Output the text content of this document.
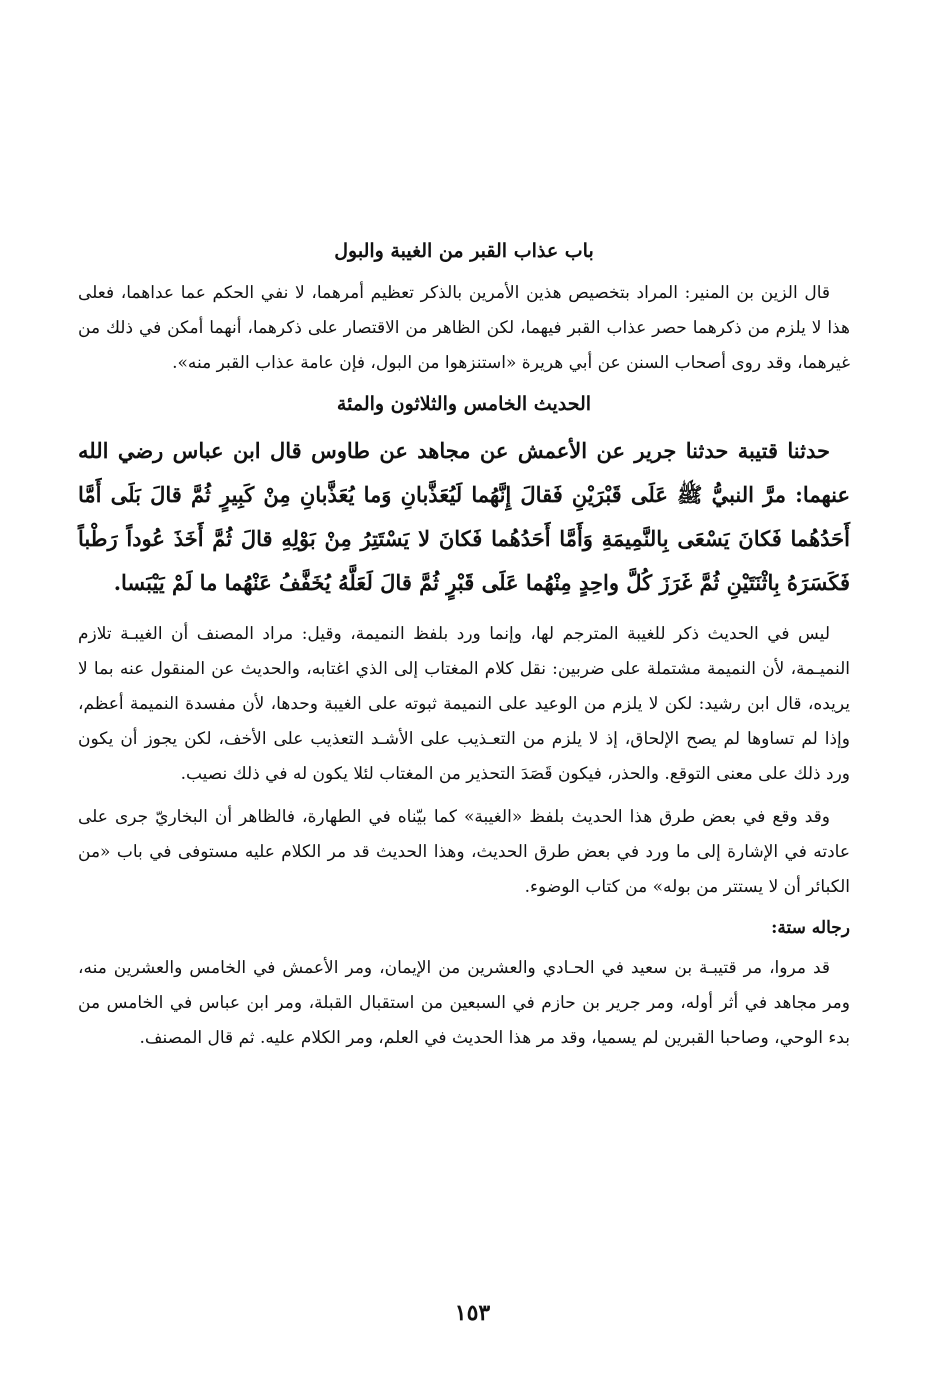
باب عذاب القبر من الغيبة والبول

قال الزين بن المنير: المراد بتخصيص هذين الأمرين بالذكر تعظيم أمرهما، لا نفي الحكم عما عداهما، فعلى هذا لا يلزم من ذكرهما حصر عذاب القبر فيهما، لكن الظاهر من الاقتصار على ذكرهما، أنهما أمكن في ذلك من غيرهما، وقد روى أصحاب السنن عن أبي هريرة «استنزهوا من البول، فإن عامة عذاب القبر منه».

الحديث الخامس والثلاثون والمئة

حدثنا قتيبة حدثنا جرير عن الأعمش عن مجاهد عن طاوس قال ابن عباس رضي الله عنهما: مرَّ النبيُّ ﷺ عَلَى قَبْرَيْنِ فَقالَ إِنَّهُما لَيُعَذَّبانِ وَما يُعَذَّبانِ مِنْ كَبِيرٍ ثُمَّ قالَ بَلَى أَمَّا أَحَدُهُما فَكانَ يَسْعَى بِالنَّمِيمَةِ وَأَمَّا أَحَدُهُما فَكانَ لا يَسْتَتِرُ مِنْ بَوْلِهِ قالَ ثُمَّ أَخَذَ عُوداً رَطْباً فَكَسَرَهُ بِاثْنَتَيْنِ ثُمَّ غَرَزَ كُلَّ واحِدٍ مِنْهُما عَلَى قَبْرٍ ثُمَّ قالَ لَعَلَّهُ يُخَفَّفُ عَنْهُما ما لَمْ يَيْبَسا.

ليس في الحديث ذكر للغيبة المترجم لها، وإنما ورد بلفظ النميمة، وقيل: مراد المصنف أن الغيبـة تلازم النميـمة، لأن النميمة مشتملة على ضربين: نقل كلام المغتاب إلى الذي اغتابه، والحديث عن المنقول عنه بما لا يريده، قال ابن رشيد: لكن لا يلزم من الوعيد على النميمة ثبوته على الغيبة وحدها، لأن مفسدة النميمة أعظم، وإذا لم تساوها لم يصح الإلحاق، إذ لا يلزم من التعـذيب على الأشـد التعذيب على الأخف، لكن يجوز أن يكون ورد ذلك على معنى التوقع. والحذر، فيكون قَصَدَ التحذير من المغتاب لئلا يكون له في ذلك نصيب.

وقد وقع في بعض طرق هذا الحديث بلفظ «الغيبة» كما بيّناه في الطهارة، فالظاهر أن البخاريّ جرى على عادته في الإشارة إلى ما ورد في بعض طرق الحديث، وهذا الحديث قد مر الكلام عليه مستوفى في باب «من الكبائر أن لا يستتر من بوله» من كتاب الوضوء.

رجاله ستة:

قد مروا، مر قتيبـة بن سعيد في الحـادي والعشرين من الإيمان، ومر الأعمش في الخامس والعشرين منه، ومر مجاهد في أثر أوله، ومر جرير بن حازم في السبعين من استقبال القبلة، ومر ابن عباس في الخامس من بدء الوحي، وصاحبا القبرين لم يسميا، وقد مر هذا الحديث في العلم، ومر الكلام عليه. ثم قال المصنف.

١٥٣
